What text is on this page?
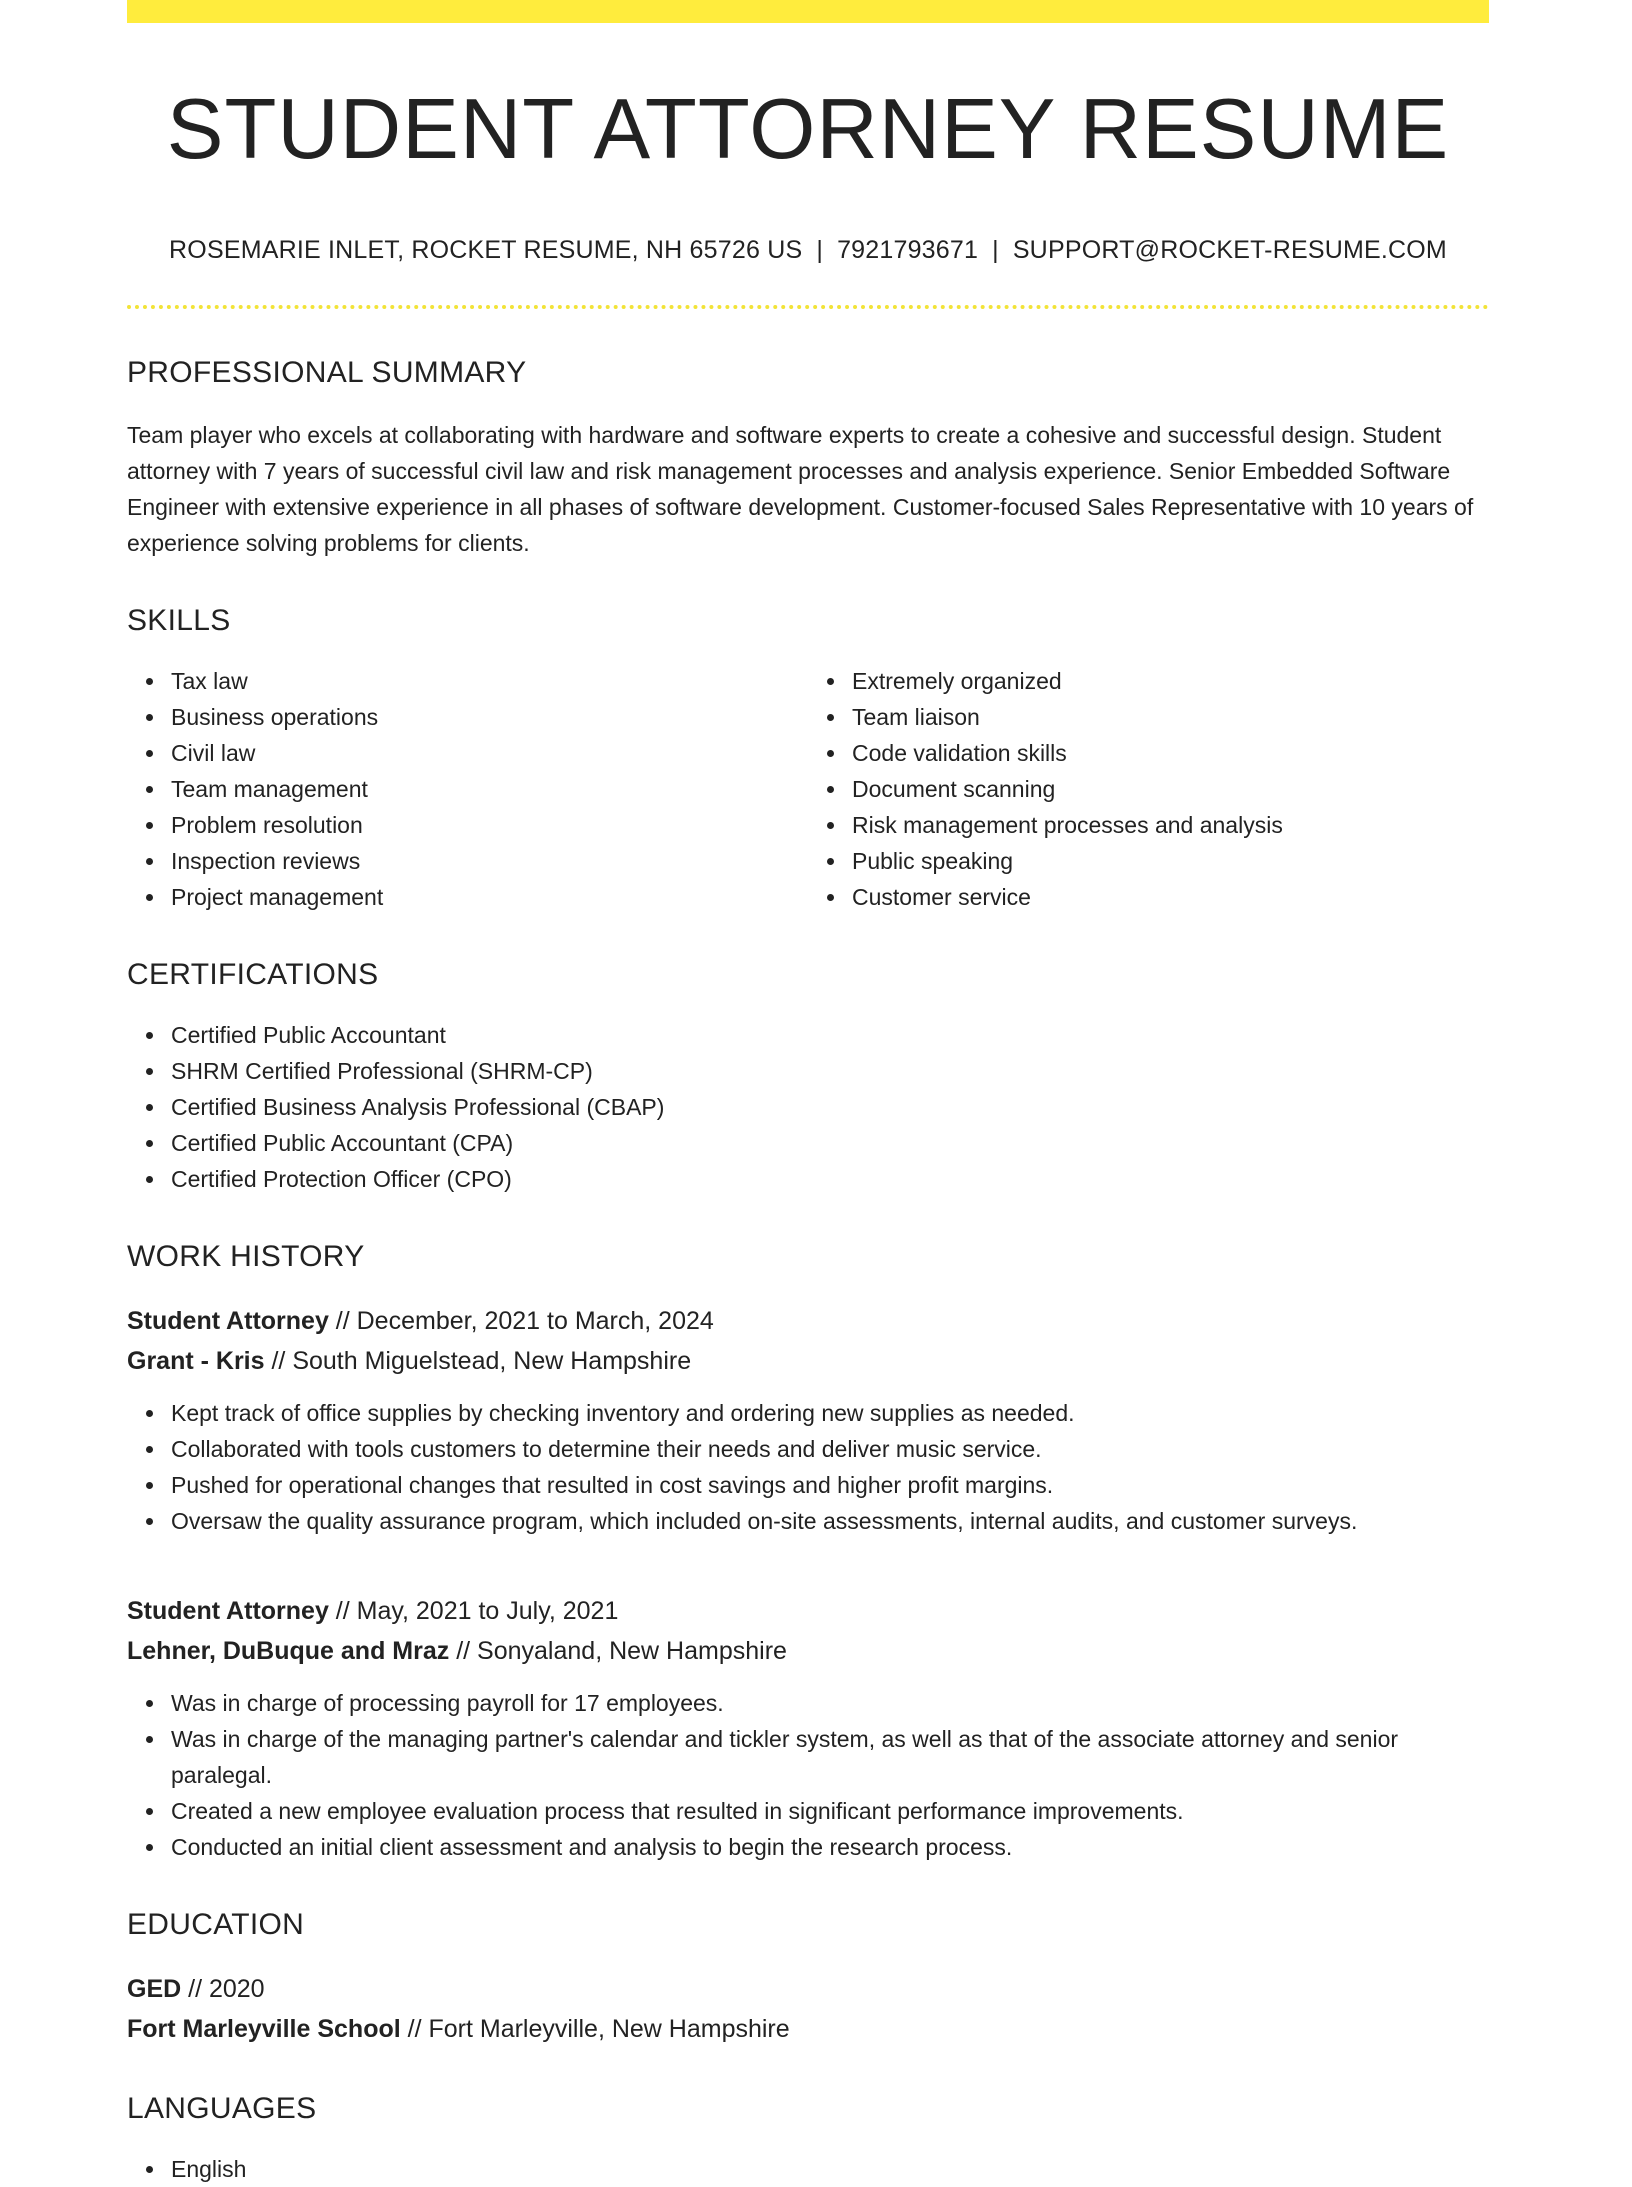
STUDENT ATTORNEY RESUME
ROSEMARIE INLET, ROCKET RESUME, NH 65726 US | 7921793671 | SUPPORT@ROCKET-RESUME.COM
PROFESSIONAL SUMMARY

Team player who excels at collaborating with hardware and software experts to create a cohesive and successful design. Student attorney with 7 years of successful civil law and risk management processes and analysis experience. Senior Embedded Software Engineer with extensive experience in all phases of software development. Customer-focused Sales Representative with 10 years of experience solving problems for clients.

SKILLS
Tax law
Business operations
Civil law
Team management
Problem resolution
Inspection reviews
Project management
Extremely organized
Team liaison
Code validation skills
Document scanning
Risk management processes and analysis
Public speaking
Customer service
CERTIFICATIONS
Certified Public Accountant
SHRM Certified Professional (SHRM-CP)
Certified Business Analysis Professional (CBAP)
Certified Public Accountant (CPA)
Certified Protection Officer (CPO)
WORK HISTORY
Student Attorney // December, 2021 to March, 2024
Grant - Kris // South Miguelstead, New Hampshire
Kept track of office supplies by checking inventory and ordering new supplies as needed.
Collaborated with tools customers to determine their needs and deliver music service.
Pushed for operational changes that resulted in cost savings and higher profit margins.
Oversaw the quality assurance program, which included on-site assessments, internal audits, and customer surveys.
Student Attorney // May, 2021 to July, 2021
Lehner, DuBuque and Mraz // Sonyaland, New Hampshire
Was in charge of processing payroll for 17 employees.
Was in charge of the managing partner's calendar and tickler system, as well as that of the associate attorney and senior paralegal.
Created a new employee evaluation process that resulted in significant performance improvements.
Conducted an initial client assessment and analysis to begin the research process.
EDUCATION
GED // 2020
Fort Marleyville School // Fort Marleyville, New Hampshire
LANGUAGES
English
